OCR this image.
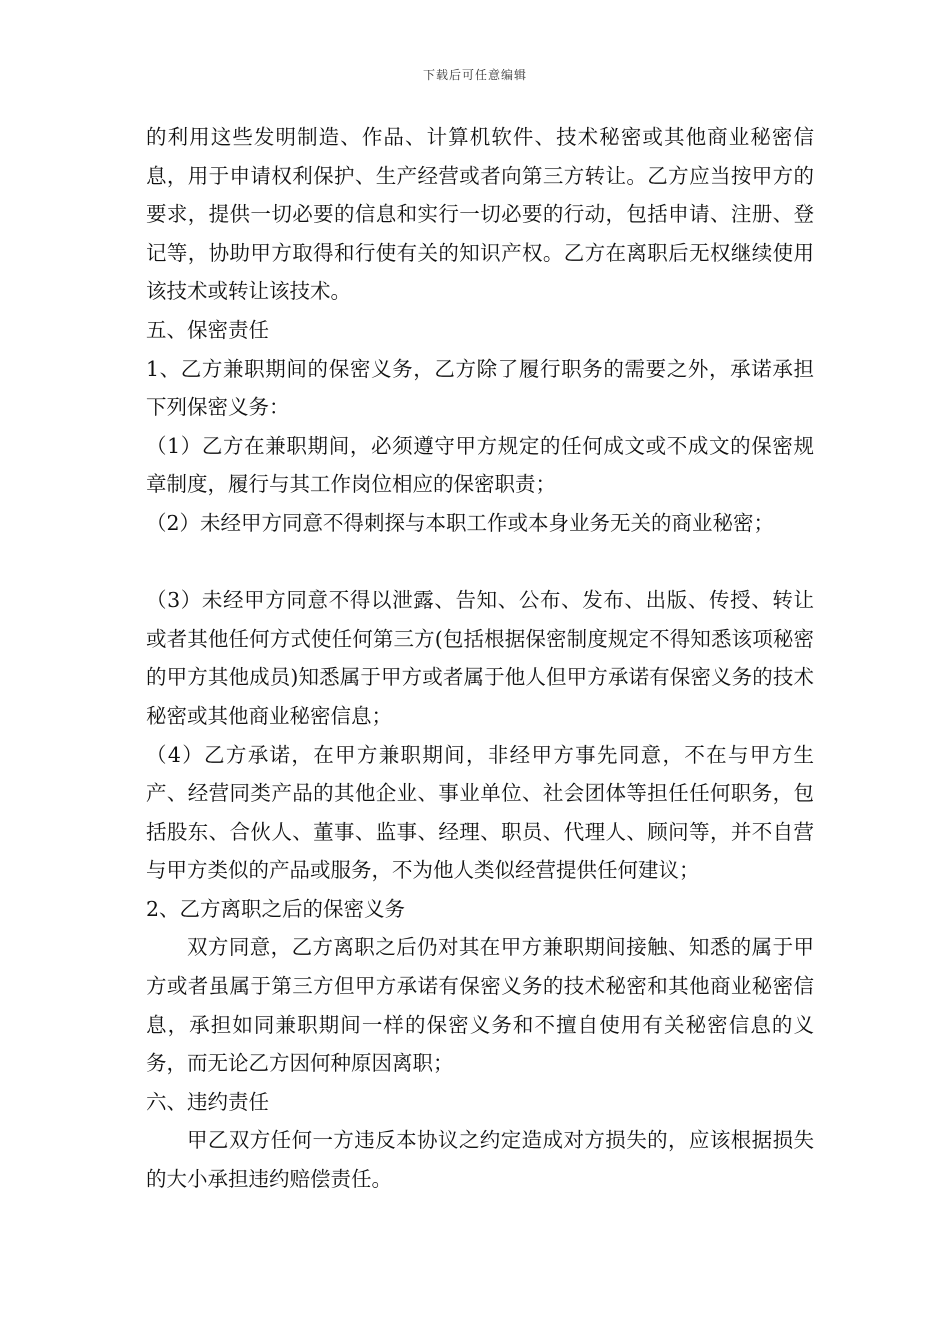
下载后可任意编辑

的利用这些发明制造、作品、计算机软件、技术秘密或其他商业秘密信息，用于申请权利保护、生产经营或者向第三方转让。乙方应当按甲方的要求，提供一切必要的信息和实行一切必要的行动，包括申请、注册、登记等，协助甲方取得和行使有关的知识产权。乙方在离职后无权继续使用该技术或转让该技术。

五、保密责任

1、乙方兼职期间的保密义务，乙方除了履行职务的需要之外，承诺承担下列保密义务：

（1）乙方在兼职期间，必须遵守甲方规定的任何成文或不成文的保密规章制度，履行与其工作岗位相应的保密职责；

（2）未经甲方同意不得刺探与本职工作或本身业务无关的商业秘密；

（3）未经甲方同意不得以泄露、告知、公布、发布、出版、传授、转让或者其他任何方式使任何第三方(包括根据保密制度规定不得知悉该项秘密的甲方其他成员)知悉属于甲方或者属于他人但甲方承诺有保密义务的技术秘密或其他商业秘密信息；

（4）乙方承诺，在甲方兼职期间，非经甲方事先同意，不在与甲方生产、经营同类产品的其他企业、事业单位、社会团体等担任任何职务，包括股东、合伙人、董事、监事、经理、职员、代理人、顾问等，并不自营与甲方类似的产品或服务，不为他人类似经营提供任何建议；

2、乙方离职之后的保密义务

双方同意，乙方离职之后仍对其在甲方兼职期间接触、知悉的属于甲方或者虽属于第三方但甲方承诺有保密义务的技术秘密和其他商业秘密信息，承担如同兼职期间一样的保密义务和不擅自使用有关秘密信息的义务，而无论乙方因何种原因离职；

六、违约责任

甲乙双方任何一方违反本协议之约定造成对方损失的，应该根据损失的大小承担违约赔偿责任。
